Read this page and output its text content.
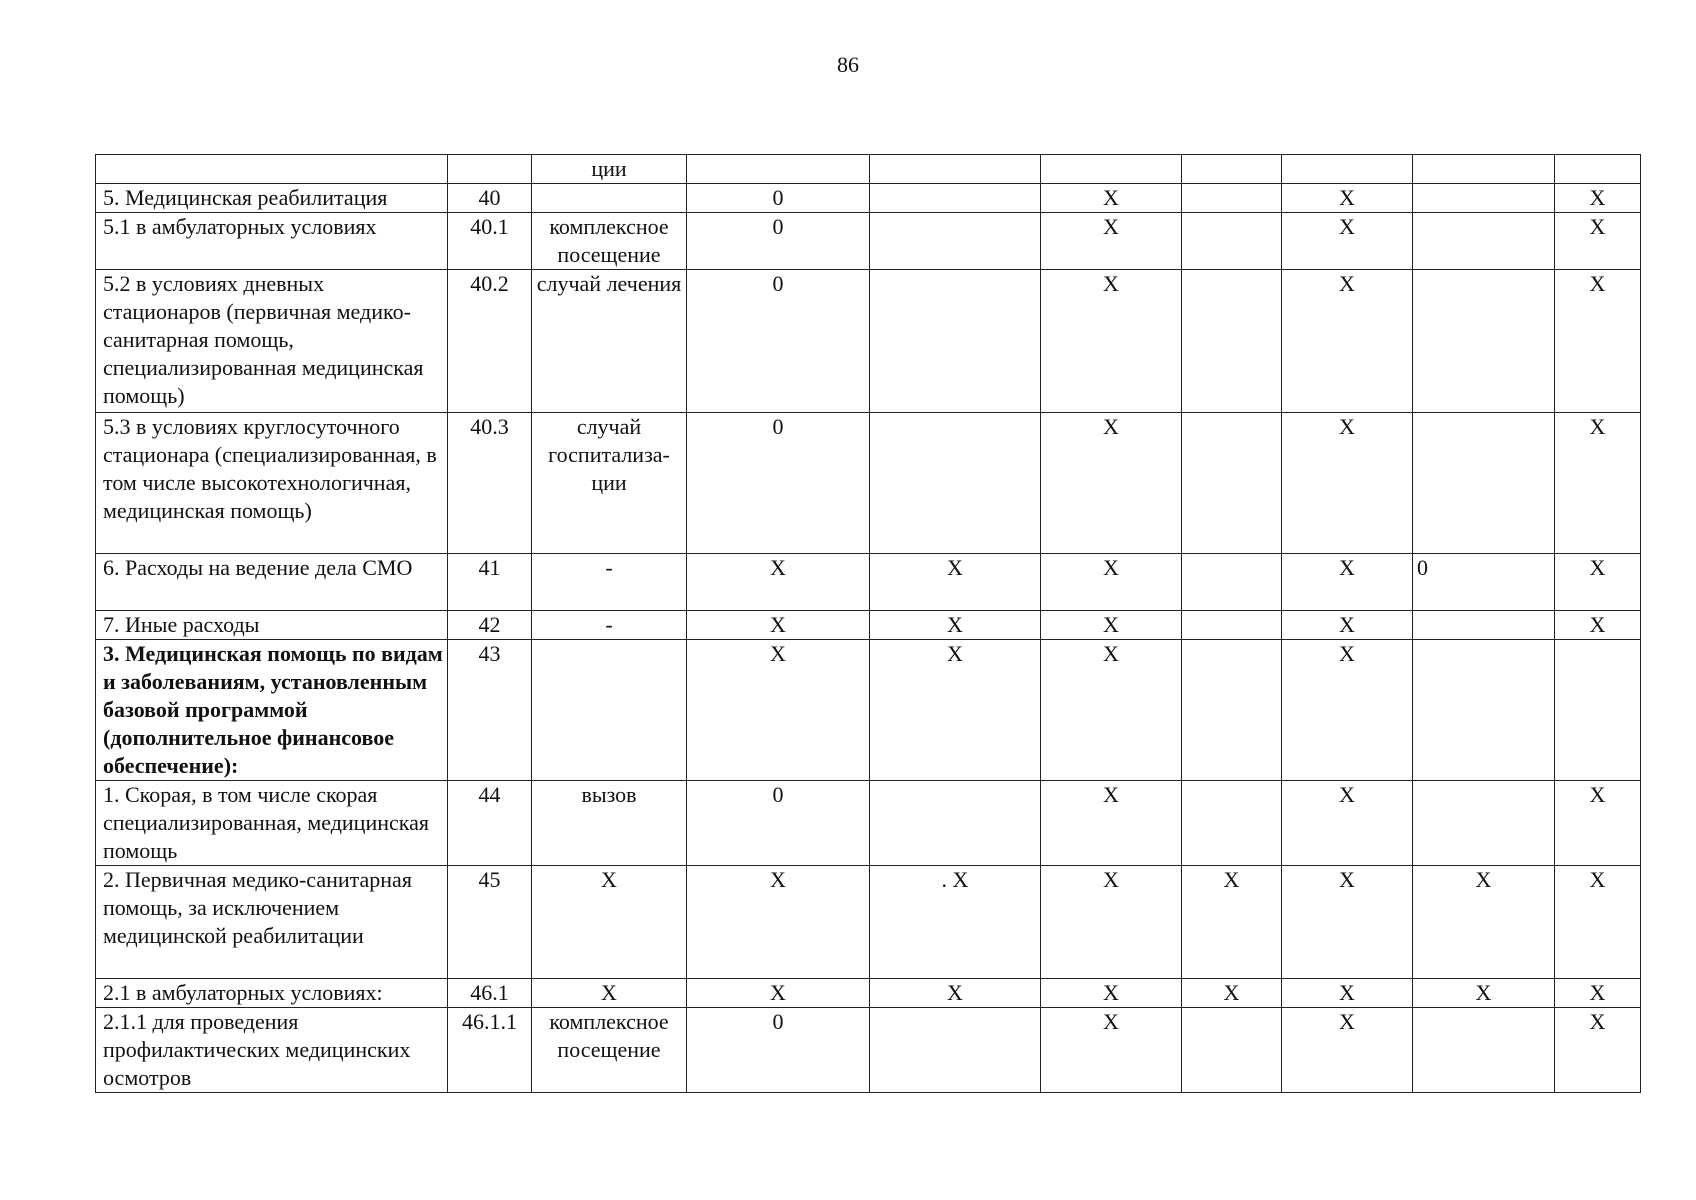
86
		ции							
5. Медицинская реабилитация	40		0		X		X		X
5.1 в амбулаторных условиях	40.1	комплексное посещение	0		X		X		X
5.2 в условиях дневных стационаров (первичная медико-санитарная помощь, специализированная медицинская помощь)	40.2	случай лечения	0		X		X		X
5.3 в условиях круглосуточного стационара (специализированная, в том числе высокотехнологичная, медицинская помощь)	40.3	случай госпитализа-ции	0		X		X		X
6. Расходы на ведение дела СМО	41	-	X	X	X		X	0	X
7. Иные расходы	42	-	X	X	X		X		X
3. Медицинская помощь по видам и заболеваниям, установленным базовой программой (дополнительное финансовое обеспечение):	43		X	X	X		X		
1. Скорая, в том числе скорая специализированная, медицинская помощь	44	вызов	0		X		X		X
2. Первичная медико-санитарная помощь, за исключением медицинской реабилитации	45	X	X	. X	X	X	X	X	X
2.1 в амбулаторных условиях:	46.1	X	X	X	X	X	X	X	X
2.1.1 для проведения профилактических медицинских осмотров	46.1.1	комплексное посещение	0		X		X		X
